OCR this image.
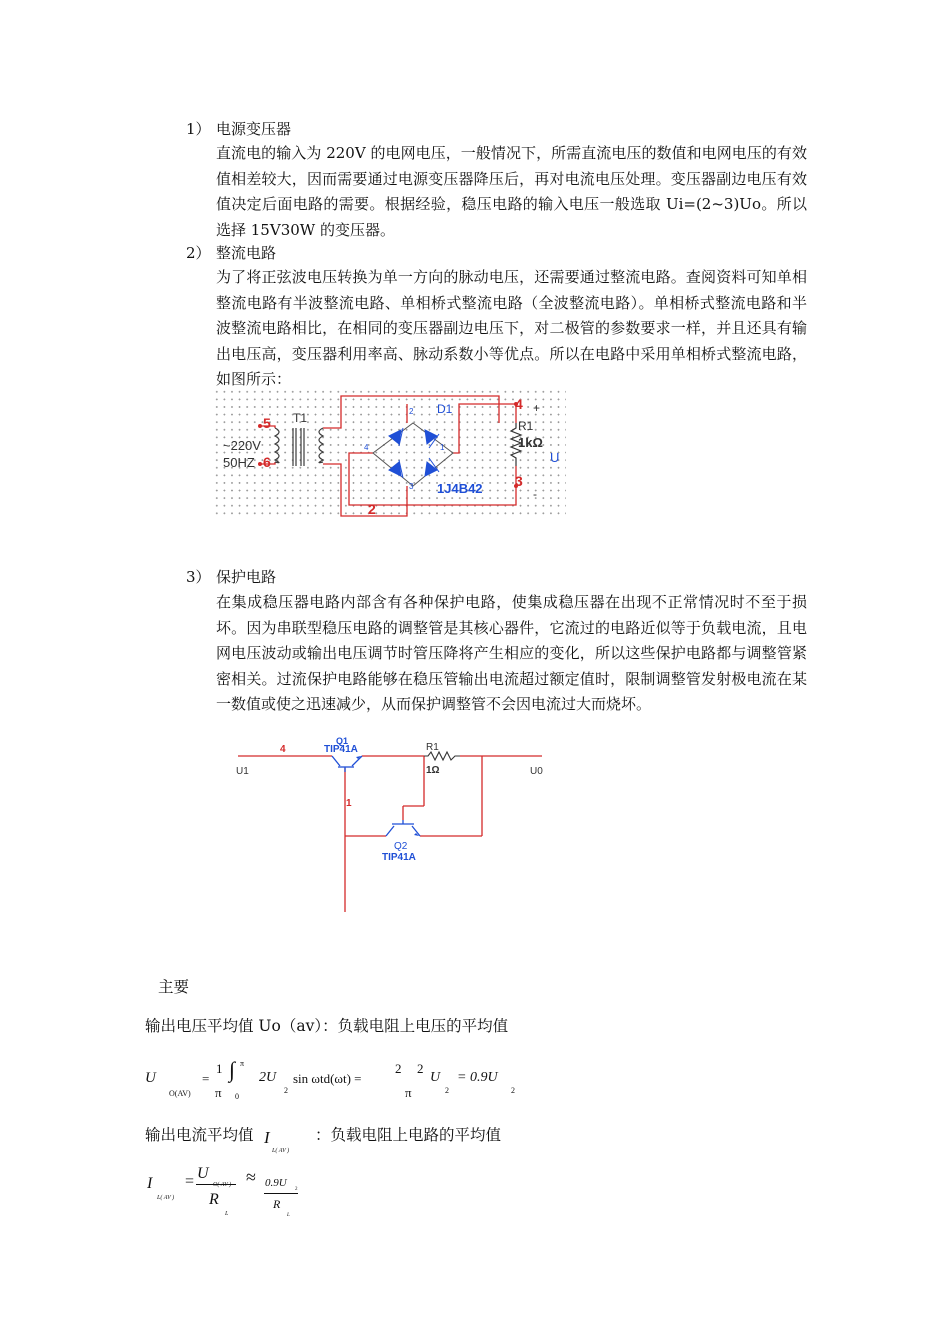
1） 电源变压器
直流电的输入为 220V 的电网电压，一般情况下，所需直流电压的数值和电网电压的有效值相差较大，因而需要通过电源变压器降压后，再对电流电压处理。变压器副边电压有效值决定后面电路的需要。根据经验，稳压电路的输入电压一般选取 Ui=(2~3)Uo。所以选择 15V30W 的变压器。
2） 整流电路
为了将正弦波电压转换为单一方向的脉动电压，还需要通过整流电路。查阅资料可知单相整流电路有半波整流电路、单相桥式整流电路（全波整流电路）。单相桥式整流电路和半波整流电路相比，在相同的变压器副边电压下，对二极管的参数要求一样，并且还具有输出电压高，变压器利用率高、脉动系数小等优点。所以在电路中采用单相桥式整流电路，如图所示：
T1
5
6
~220V
50HZ
D1
1J4B42
2
4	1
3
4
3
2
R1
1kΩ
+
-
U
3） 保护电路
在集成稳压器电路内部含有各种保护电路，使集成稳压器在出现不正常情况时不至于损坏。因为串联型稳压电路的调整管是其核心器件，它流过的电路近似等于负载电流，且电网电压波动或输出电压调节时管压降将产生相应的变化，所以这些保护电路都与调整管紧密相关。过流保护电路能够在稳压管输出电流超过额定值时，限制调整管发射极电流在某一数值或使之迅速减少，从而保护调整管不会因电流过大而烧坏。
Q1
TIP41A	R1
1Ω
4
1
U1	U0
Q2
TIP41A
主要
输出电压平均值 Uo（av）：负载电阻上电压的平均值
U
O(AV)
=
1
π
∫ π
0
2U
2
sin ωtd(ωt) =
2 2
π
U
2
= 0.9U
2
输出电流平均值 I
L( AV )
：负载电阻上电路的平均值
I
L( AV )
= U
O( AV )
R
L
≈ 0.9U
2
R
L
